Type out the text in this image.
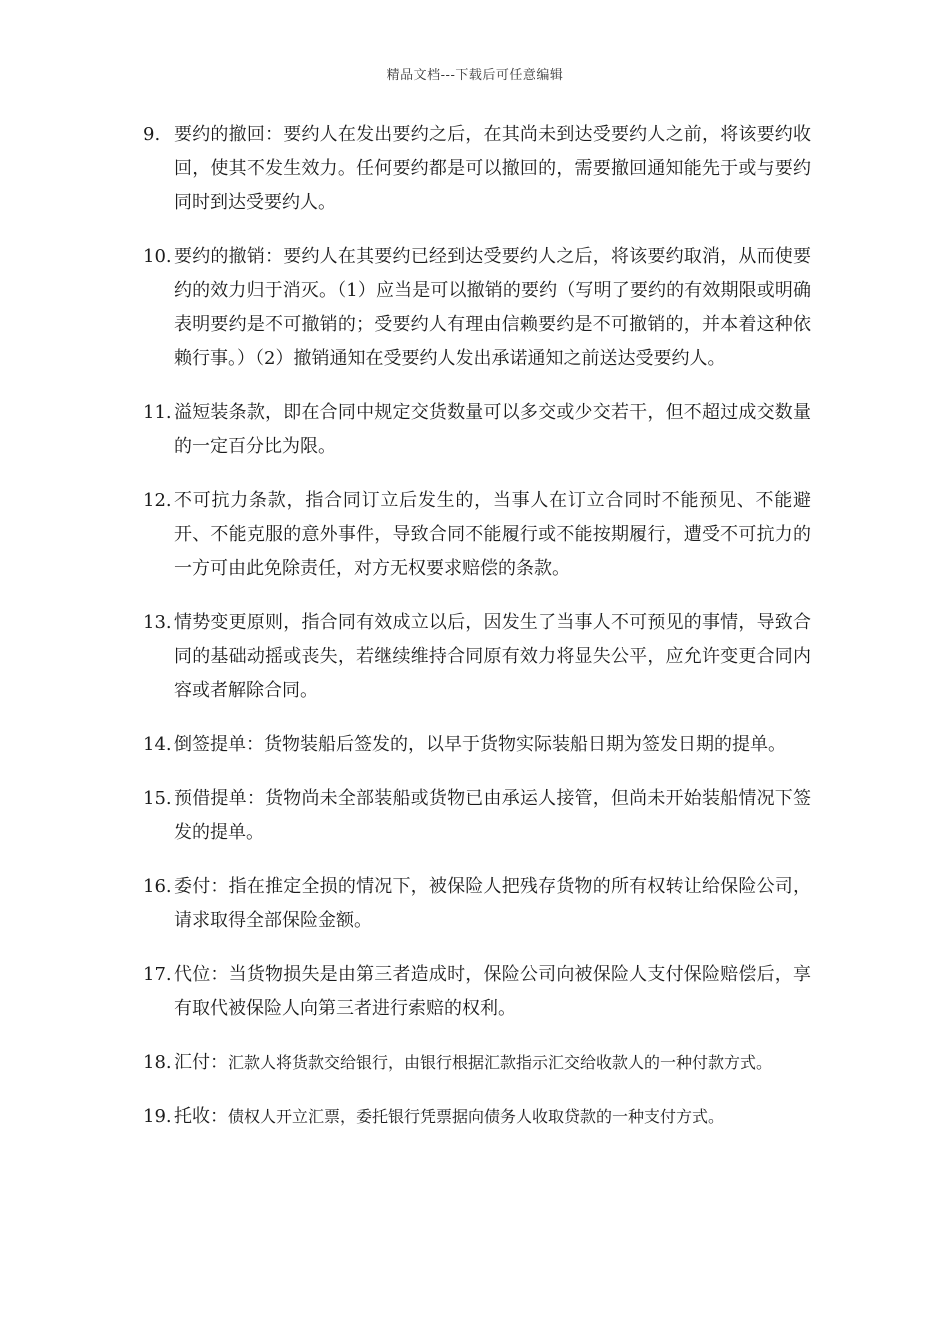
精品文档---下载后可任意编辑
9. 要约的撤回：要约人在发出要约之后，在其尚未到达受要约人之前，将该要约收回，使其不发生效力。任何要约都是可以撤回的，需要撤回通知能先于或与要约同时到达受要约人。
10. 要约的撤销：要约人在其要约已经到达受要约人之后，将该要约取消，从而使要约的效力归于消灭。（1）应当是可以撤销的要约（写明了要约的有效期限或明确表明要约是不可撤销的；受要约人有理由信赖要约是不可撤销的，并本着这种依赖行事。）（2）撤销通知在受要约人发出承诺通知之前送达受要约人。
11. 溢短装条款，即在合同中规定交货数量可以多交或少交若干，但不超过成交数量的一定百分比为限。
12. 不可抗力条款，指合同订立后发生的，当事人在订立合同时不能预见、不能避开、不能克服的意外事件，导致合同不能履行或不能按期履行，遭受不可抗力的一方可由此免除责任，对方无权要求赔偿的条款。
13. 情势变更原则，指合同有效成立以后，因发生了当事人不可预见的事情，导致合同的基础动摇或丧失，若继续维持合同原有效力将显失公平，应允许变更合同内容或者解除合同。
14. 倒签提单：货物装船后签发的，以早于货物实际装船日期为签发日期的提单。
15. 预借提单：货物尚未全部装船或货物已由承运人接管，但尚未开始装船情况下签发的提单。
16. 委付：指在推定全损的情况下，被保险人把残存货物的所有权转让给保险公司，请求取得全部保险金额。
17. 代位：当货物损失是由第三者造成时，保险公司向被保险人支付保险赔偿后，享有取代被保险人向第三者进行索赔的权利。
18. 汇付：汇款人将货款交给银行，由银行根据汇款指示汇交给收款人的一种付款方式。
19. 托收：债权人开立汇票，委托银行凭票据向债务人收取贷款的一种支付方式。
